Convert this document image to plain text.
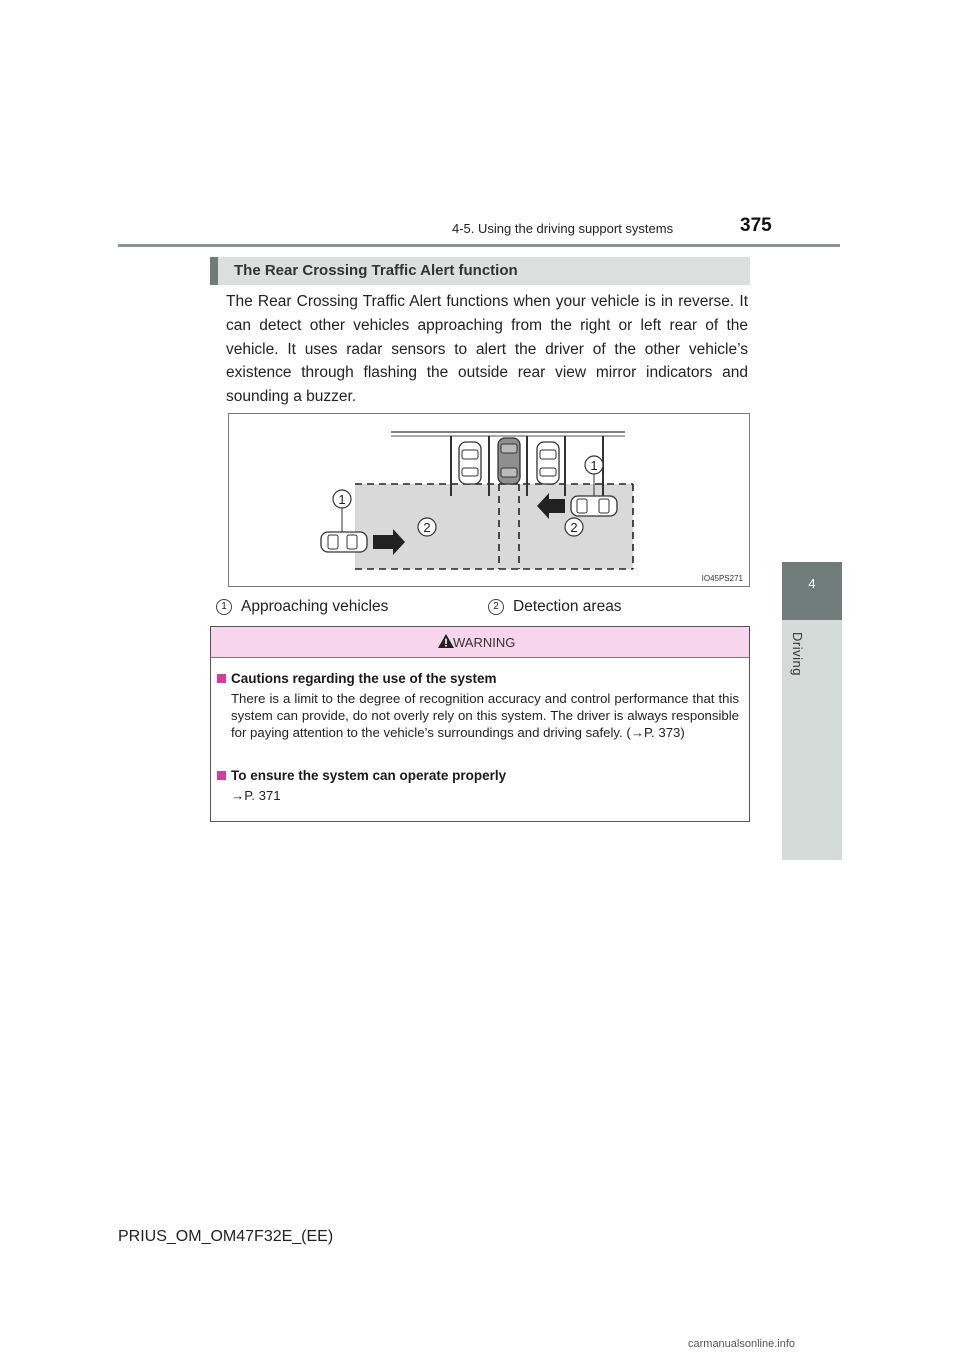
4-5. Using the driving support systems	375
4
Driving
The Rear Crossing Traffic Alert function
The Rear Crossing Traffic Alert functions when your vehicle is in reverse. It can detect other vehicles approaching from the right or left rear of the vehicle. It uses radar sensors to alert the driver of the other vehicle’s existence through flashing the outside rear view mirror indicators and sounding a buzzer.
1
1
2	2
IO45PS271
1 Approaching vehicles	2 Detection areas
WARNING
Cautions regarding the use of the system
There is a limit to the degree of recognition accuracy and control performance that this system can provide, do not overly rely on this system. The driver is always responsible for paying attention to the vehicle’s surroundings and driving safely. (→P. 373)
To ensure the system can operate properly
→P. 371
PRIUS_OM_OM47F32E_(EE)
carmanualsonline.info
